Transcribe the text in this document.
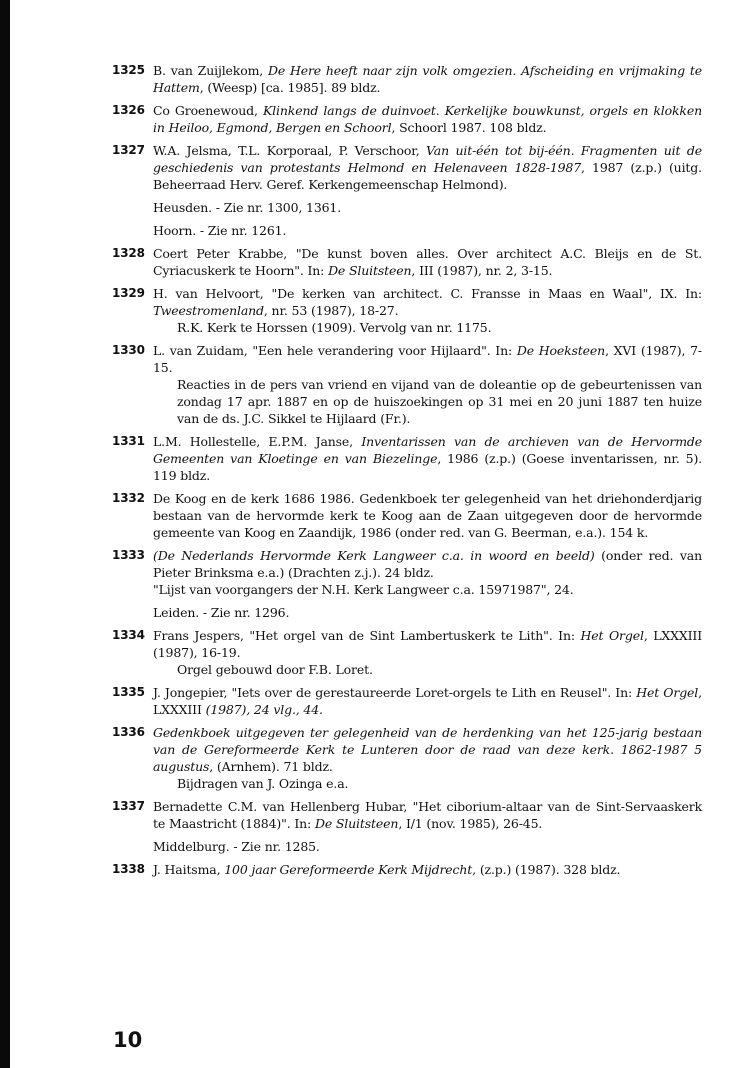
1325 B. van Zuijlekom, De Here heeft naar zijn volk omgezien. Afscheiding en vrijmaking te Hattem, (Weesp) [ca. 1985]. 89 bldz.
1326 Co Groenewoud, Klinkend langs de duinvoet. Kerkelijke bouwkunst, orgels en klokken in Heiloo, Egmond, Bergen en Schoorl, Schoorl 1987. 108 bldz.
1327 W.A. Jelsma, T.L. Korporaal, P. Verschoor, Van uit-één tot bij-één. Fragmenten uit de geschiedenis van protestants Helmond en Helenaveen 1828-1987, 1987 (z.p.) (uitg. Beheerraad Herv. Geref. Kerkengemeenschap Helmond).
Heusden. - Zie nr. 1300, 1361.
Hoorn. - Zie nr. 1261.
1328 Coert Peter Krabbe, "De kunst boven alles. Over architect A.C. Bleijs en de St. Cyriacuskerk te Hoorn". In: De Sluitsteen, III (1987), nr. 2, 3-15.
1329 H. van Helvoort, "De kerken van architect. C. Fransse in Maas en Waal", IX. In: Tweestromenland, nr. 53 (1987), 18-27.
R.K. Kerk te Horssen (1909). Vervolg van nr. 1175.
1330 L. van Zuidam, "Een hele verandering voor Hijlaard". In: De Hoeksteen, XVI (1987), 7-15.
Reacties in de pers van vriend en vijand van de doleantie op de gebeurtenissen van zondag 17 apr. 1887 en op de huiszoekingen op 31 mei en 20 juni 1887 ten huize van de ds. J.C. Sikkel te Hijlaard (Fr.).
1331 L.M. Hollestelle, E.P.M. Janse, Inventarissen van de archieven van de Hervormde Gemeenten van Kloetinge en van Biezelinge, 1986 (z.p.) (Goese inventarissen, nr. 5). 119 bldz.
1332 De Koog en de kerk 1686 1986. Gedenkboek ter gelegenheid van het driehonderdjarig bestaan van de hervormde kerk te Koog aan de Zaan uitgegeven door de hervormde gemeente van Koog en Zaandijk, 1986 (onder red. van G. Beerman, e.a.). 154 k.
1333 (De Nederlands Hervormde Kerk Langweer c.a. in woord en beeld) (onder red. van Pieter Brinksma e.a.) (Drachten z.j.). 24 bldz.
"Lijst van voorgangers der N.H. Kerk Langweer c.a. 15971987", 24.
Leiden. - Zie nr. 1296.
1334 Frans Jespers, "Het orgel van de Sint Lambertuskerk te Lith". In: Het Orgel, LXXXIII (1987), 16-19.
Orgel gebouwd door F.B. Loret.
1335 J. Jongepier, "Iets over de gerestaureerde Loret-orgels te Lith en Reusel". In: Het Orgel, LXXXIII (1987), 24 vlg., 44.
1336 Gedenkboek uitgegeven ter gelegenheid van de herdenking van het 125-jarig bestaan van de Gereformeerde Kerk te Lunteren door de raad van deze kerk. 1862-1987 5 augustus, (Arnhem). 71 bldz.
Bijdragen van J. Ozinga e.a.
1337 Bernadette C.M. van Hellenberg Hubar, "Het ciborium-altaar van de Sint-Servaaskerk te Maastricht (1884)". In: De Sluitsteen, I/1 (nov. 1985), 26-45.
Middelburg. - Zie nr. 1285.
1338 J. Haitsma, 100 jaar Gereformeerde Kerk Mijdrecht, (z.p.) (1987). 328 bldz.
10
